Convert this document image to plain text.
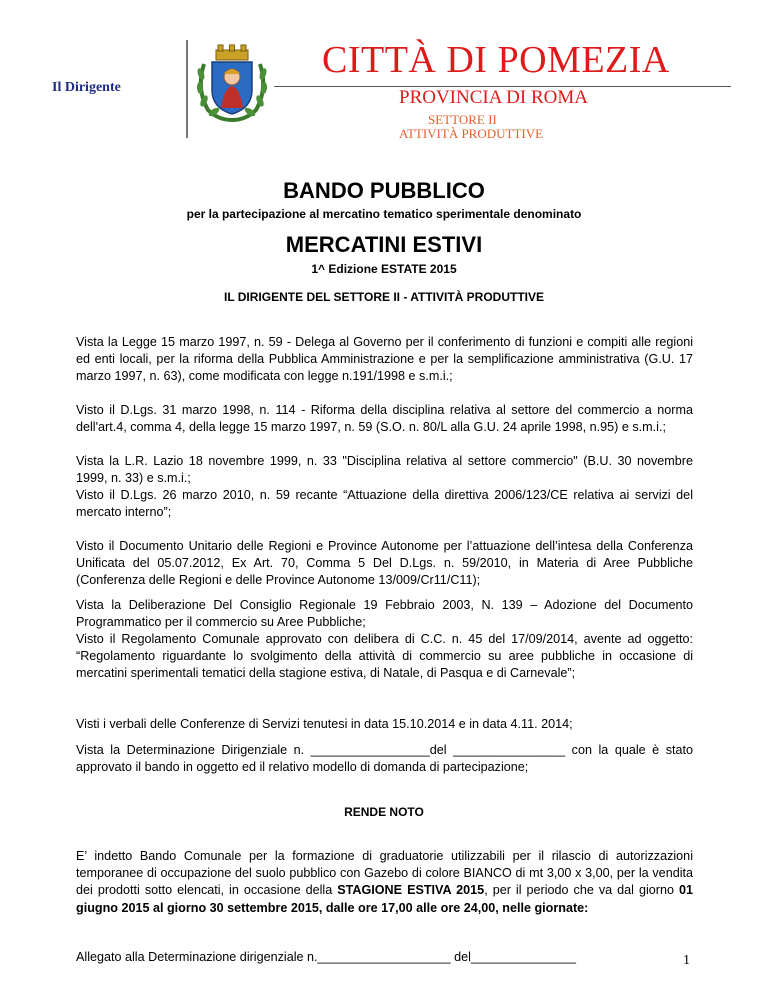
Il Dirigente
CITTÀ DI POMEZIA
PROVINCIA DI ROMA
SETTORE II
ATTIVITÀ PRODUTTIVE
BANDO PUBBLICO
per la partecipazione al mercatino tematico sperimentale denominato
MERCATINI ESTIVI
1^ Edizione ESTATE 2015
IL DIRIGENTE DEL SETTORE II - ATTIVITÀ PRODUTTIVE
Vista la Legge 15 marzo 1997, n. 59 - Delega al Governo per il conferimento di funzioni e compiti alle regioni ed enti locali, per la riforma della Pubblica Amministrazione e per la semplificazione amministrativa (G.U. 17 marzo 1997, n. 63), come modificata con legge n.191/1998 e s.m.i.;
Visto il D.Lgs. 31 marzo 1998, n. 114 - Riforma della disciplina relativa al settore del commercio a norma dell'art.4, comma 4, della legge 15 marzo 1997, n. 59 (S.O. n. 80/L alla G.U. 24 aprile 1998, n.95) e s.m.i.;
Vista la L.R. Lazio 18 novembre 1999, n. 33 "Disciplina relativa al settore commercio" (B.U. 30 novembre 1999, n. 33) e s.m.i.;
Visto il D.Lgs. 26 marzo 2010, n. 59 recante “Attuazione della direttiva 2006/123/CE relativa ai servizi del mercato interno”;
Visto il Documento Unitario delle Regioni e Province Autonome per l’attuazione dell’intesa della Conferenza Unificata del 05.07.2012, Ex Art. 70, Comma 5 Del D.Lgs. n. 59/2010, in Materia di Aree Pubbliche (Conferenza delle Regioni e delle Province Autonome 13/009/Cr11/C11);
Vista la Deliberazione Del Consiglio Regionale 19 Febbraio 2003, N. 139 – Adozione del Documento Programmatico per il commercio su Aree Pubbliche;
Visto il Regolamento Comunale approvato con delibera di C.C. n. 45 del 17/09/2014, avente ad oggetto: “Regolamento riguardante lo svolgimento della attività di commercio su aree pubbliche in occasione di mercatini sperimentali tematici della stagione estiva, di Natale, di Pasqua e di Carnevale”;
Visti i verbali delle Conferenze di Servizi tenutesi in data 15.10.2014 e in data 4.11. 2014;
Vista la Determinazione Dirigenziale n. _________________del ________________ con la quale è stato approvato il bando in oggetto ed il relativo modello di domanda di partecipazione;
RENDE NOTO
E’ indetto Bando Comunale per la formazione di graduatorie utilizzabili per il rilascio di autorizzazioni temporanee di occupazione del suolo pubblico con Gazebo di colore BIANCO di mt 3,00 x 3,00, per la vendita dei prodotti sotto elencati, in occasione della STAGIONE ESTIVA 2015, per il periodo che va dal giorno 01 giugno 2015 al giorno 30 settembre 2015, dalle ore 17,00 alle ore 24,00, nelle giornate:
Allegato alla Determinazione dirigenziale n.___________________ del_______________	1
